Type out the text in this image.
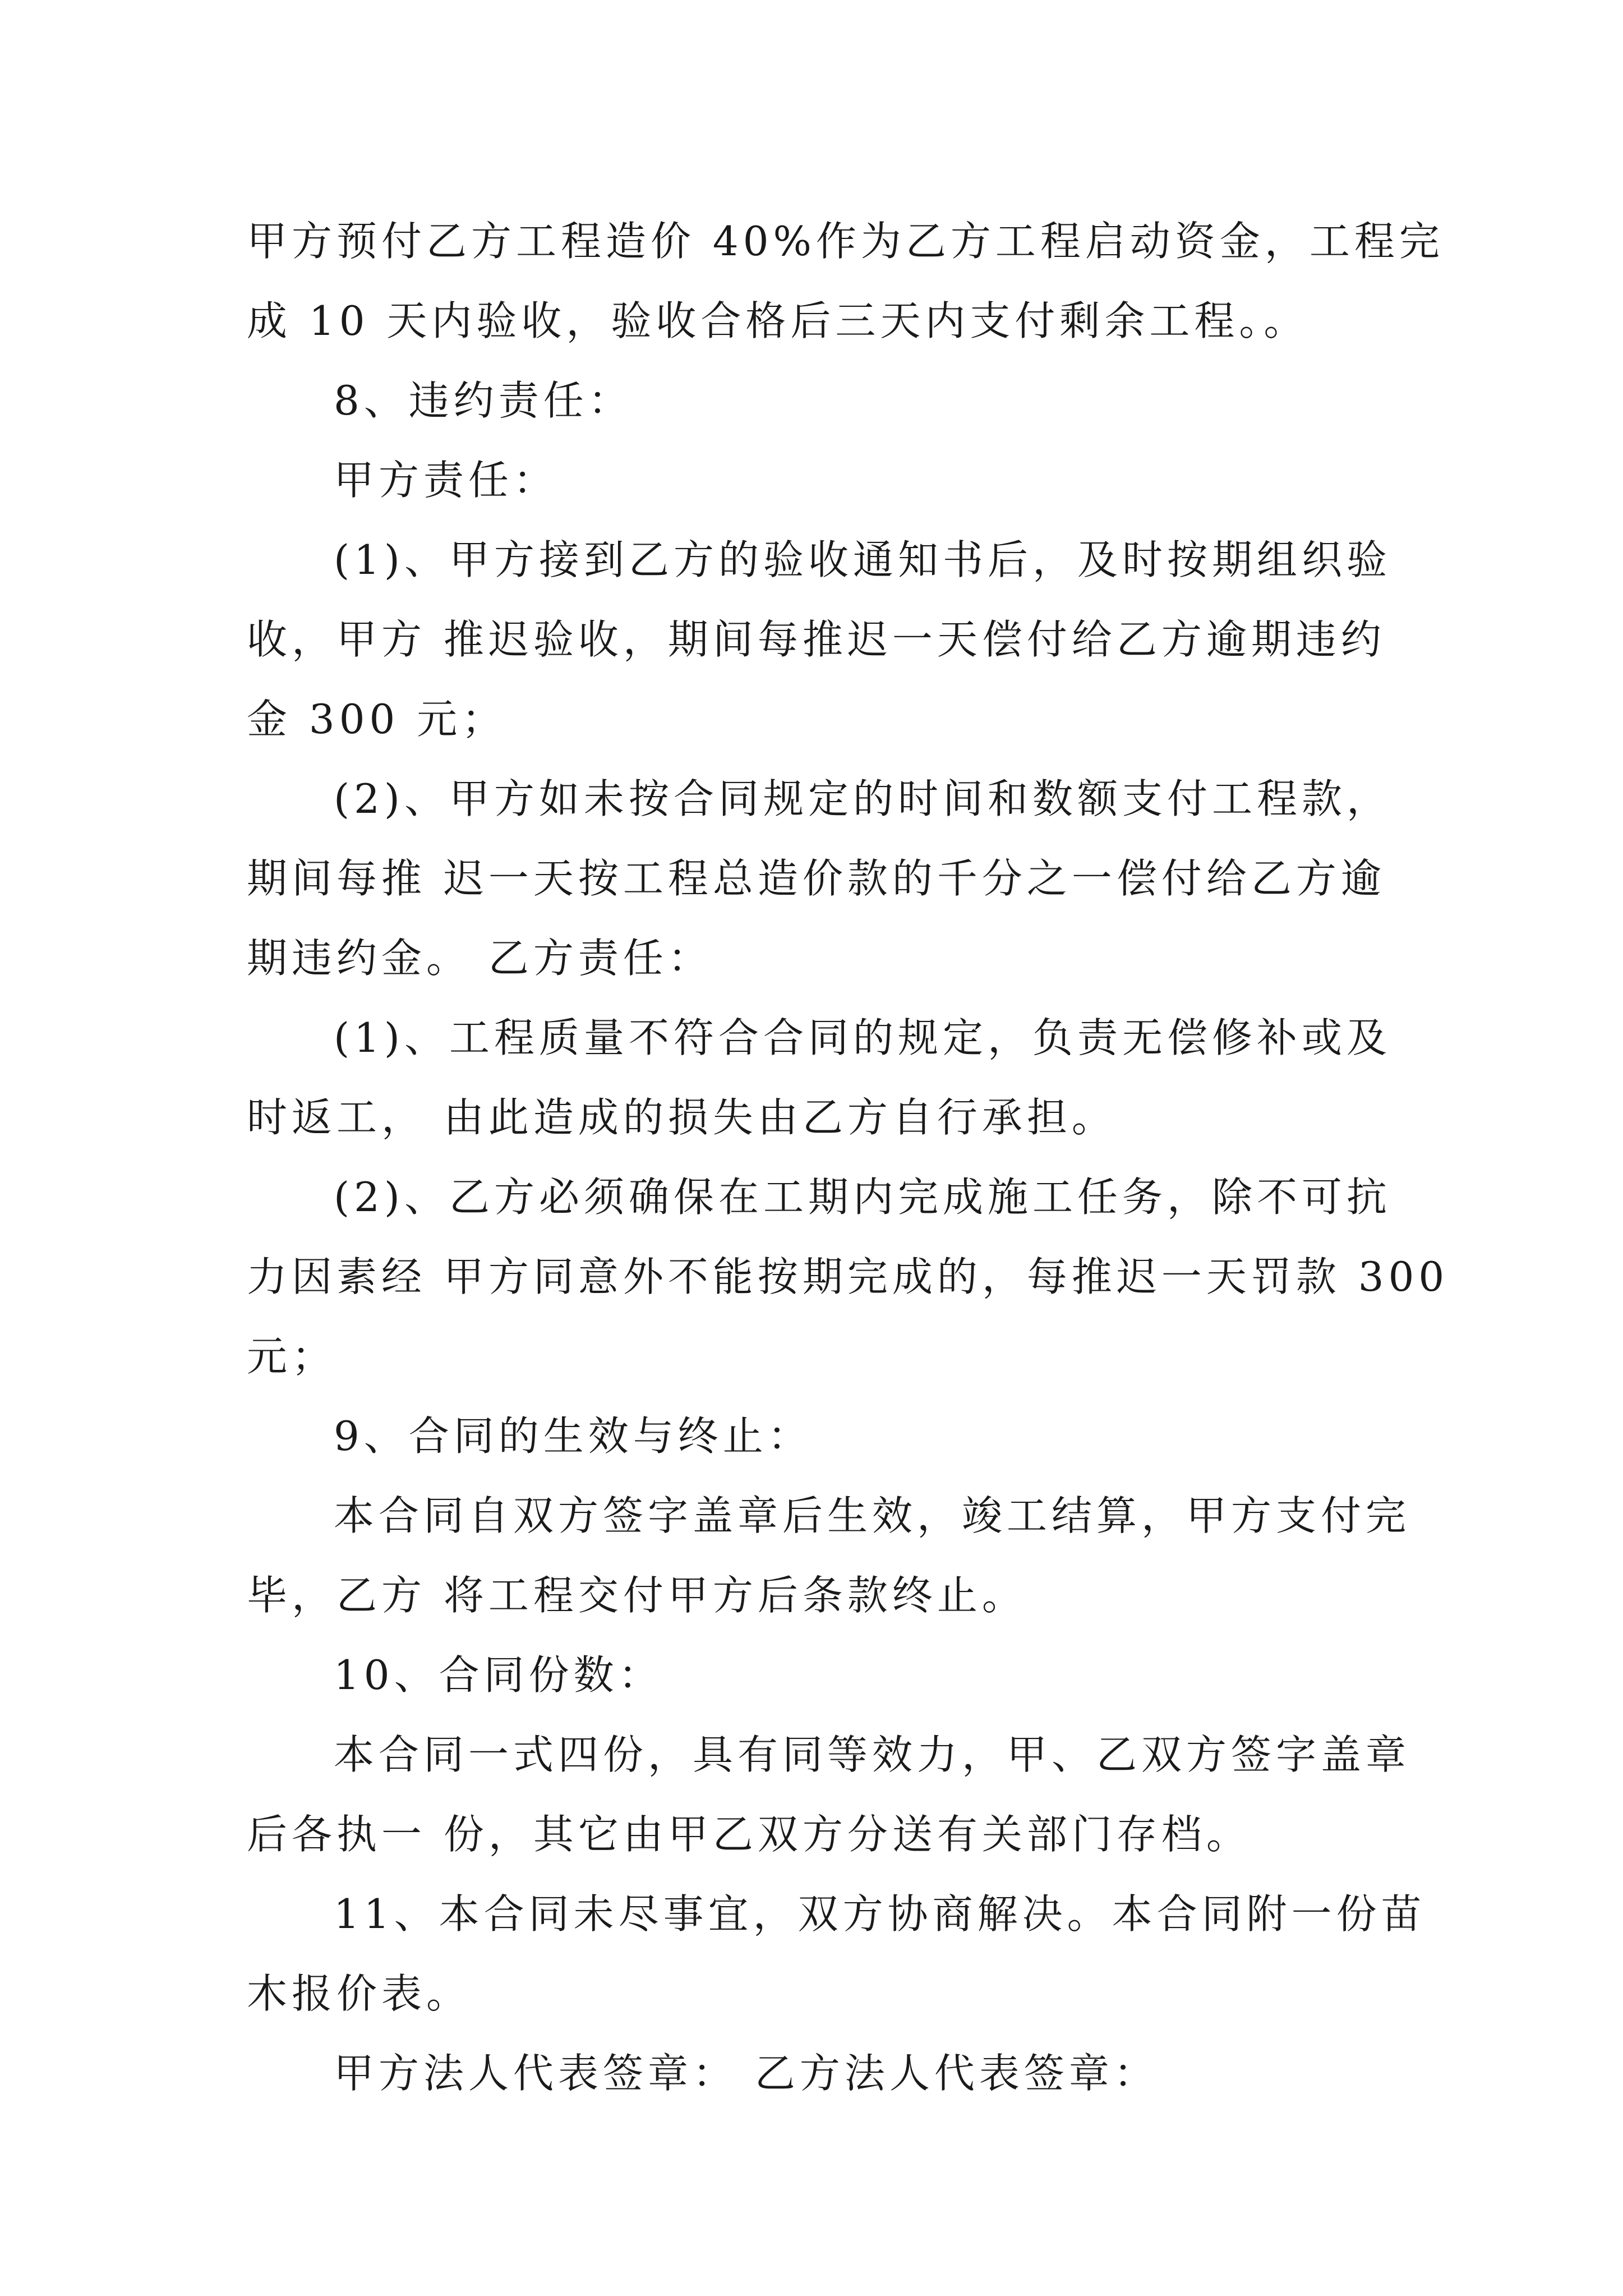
甲方预付乙方工程造价 40%作为乙方工程启动资金，工程完
成 10 天内验收，验收合格后三天内支付剩余工程。。
8、违约责任：
甲方责任：
(1)、甲方接到乙方的验收通知书后，及时按期组织验
收，甲方 推迟验收，期间每推迟一天偿付给乙方逾期违约
金 300 元；
(2)、甲方如未按合同规定的时间和数额支付工程款，
期间每推 迟一天按工程总造价款的千分之一偿付给乙方逾
期违约金。 乙方责任：
(1)、工程质量不符合合同的规定，负责无偿修补或及
时返工， 由此造成的损失由乙方自行承担。
(2)、乙方必须确保在工期内完成施工任务，除不可抗
力因素经 甲方同意外不能按期完成的，每推迟一天罚款 300
元；
9、合同的生效与终止：
本合同自双方签字盖章后生效，竣工结算，甲方支付完
毕，乙方 将工程交付甲方后条款终止。
10、合同份数：
本合同一式四份，具有同等效力，甲、乙双方签字盖章
后各执一 份，其它由甲乙双方分送有关部门存档。
11、本合同未尽事宜，双方协商解决。本合同附一份苗
木报价表。
甲方法人代表签章： 乙方法人代表签章：
